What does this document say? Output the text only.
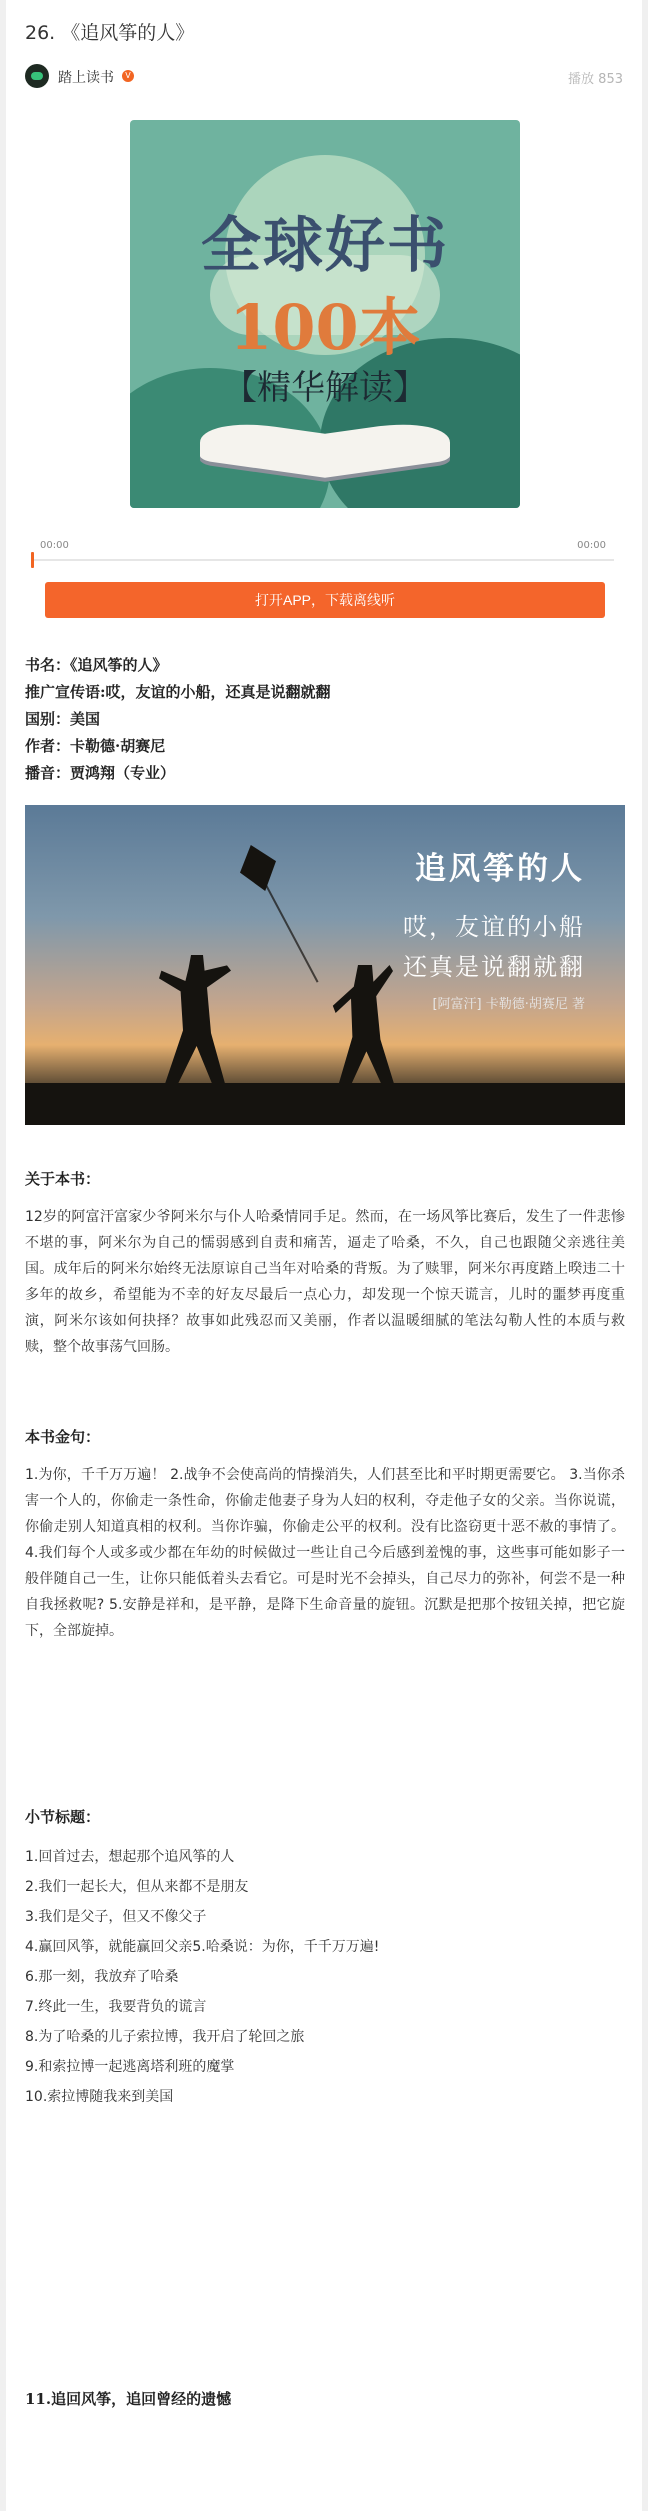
26. 《追风筝的人》
踏上读书	V	播放 853
全球好书
100本
【精华解读】
00:00	00:00
打开APP，下载离线听
书名：《追风筝的人》
推广宣传语:哎，友谊的小船，还真是说翻就翻
国别：美国
作者：卡勒德·胡赛尼
播音：贾鸿翔（专业）
追风筝的人
哎，友谊的小船
还真是说翻就翻
[阿富汗] 卡勒德·胡赛尼 著
关于本书：
12岁的阿富汗富家少爷阿米尔与仆人哈桑情同手足。然而，在一场风筝比赛后，发生了一件悲惨不堪的事，阿米尔为自己的懦弱感到自责和痛苦，逼走了哈桑，不久，自己也跟随父亲逃往美国。成年后的阿米尔始终无法原谅自己当年对哈桑的背叛。为了赎罪，阿米尔再度踏上暌违二十多年的故乡，希望能为不幸的好友尽最后一点心力，却发现一个惊天谎言，儿时的噩梦再度重演，阿米尔该如何抉择？故事如此残忍而又美丽，作者以温暖细腻的笔法勾勒人性的本质与救赎，整个故事荡气回肠。
本书金句：
1.为你，千千万万遍！ 2.战争不会使高尚的情操消失，人们甚至比和平时期更需要它。 3.当你杀害一个人的，你偷走一条性命，你偷走他妻子身为人妇的权利，夺走他子女的父亲。当你说谎，你偷走别人知道真相的权利。当你诈骗，你偷走公平的权利。没有比盗窃更十恶不赦的事情了。4.我们每个人或多或少都在年幼的时候做过一些让自己今后感到羞愧的事，这些事可能如影子一般伴随自己一生，让你只能低着头去看它。可是时光不会掉头，自己尽力的弥补，何尝不是一种自我拯救呢? 5.安静是祥和，是平静，是降下生命音量的旋钮。沉默是把那个按钮关掉，把它旋下，全部旋掉。
小节标题：
1.回首过去，想起那个追风筝的人
2.我们一起长大，但从来都不是朋友
3.我们是父子，但又不像父子
4.赢回风筝，就能赢回父亲5.哈桑说：为你，千千万万遍!
6.那一刻，我放弃了哈桑
7.终此一生，我要背负的谎言
8.为了哈桑的儿子索拉博，我开启了轮回之旅
9.和索拉博一起逃离塔利班的魔掌
10.索拉博随我来到美国
11.追回风筝，追回曾经的遗憾
